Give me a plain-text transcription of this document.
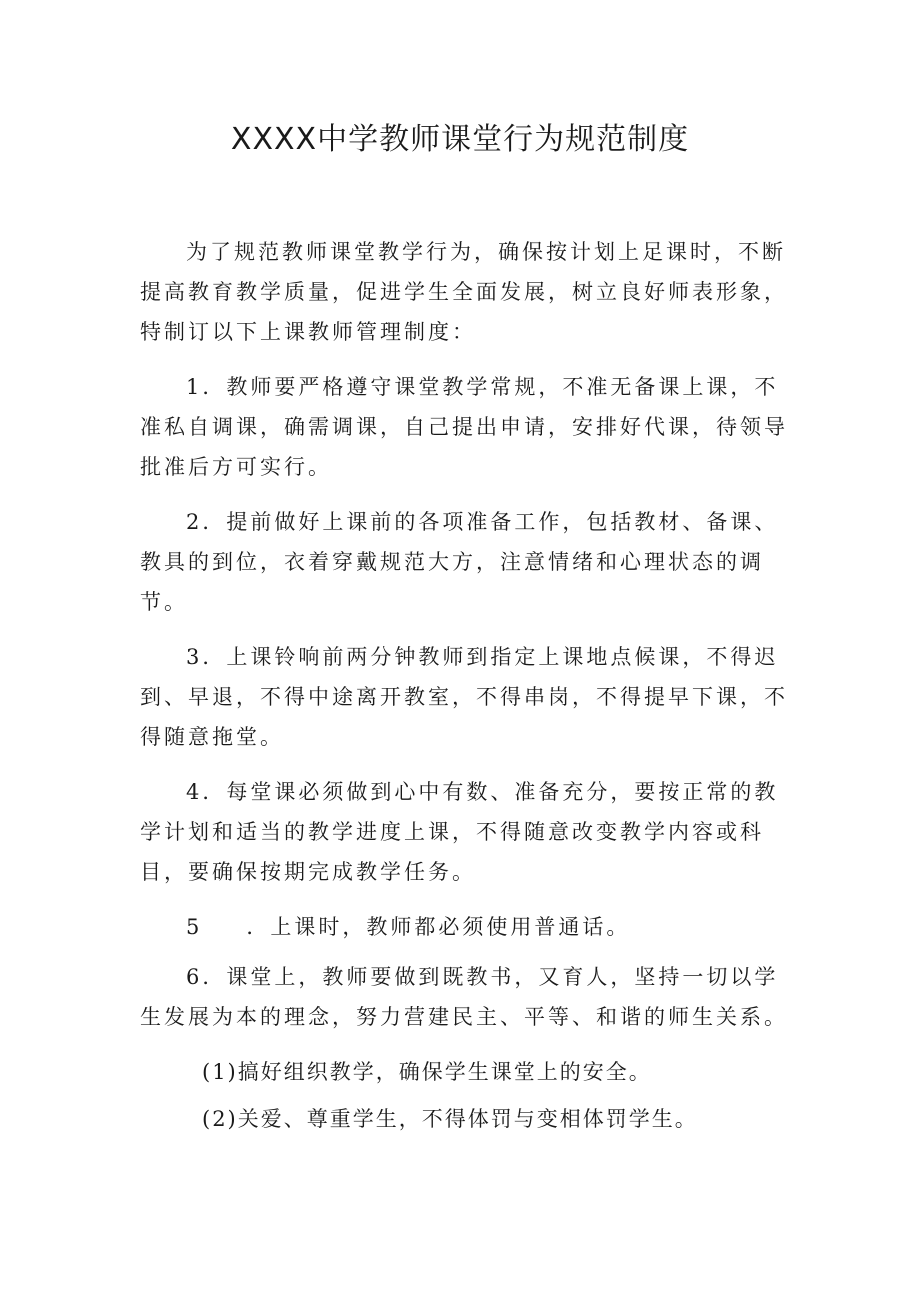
XXXX中学教师课堂行为规范制度

为了规范教师课堂教学行为，确保按计划上足课时，不断提高教育教学质量，促进学生全面发展，树立良好师表形象，特制订以下上课教师管理制度：

1．教师要严格遵守课堂教学常规，不准无备课上课，不准私自调课，确需调课，自己提出申请，安排好代课，待领导批准后方可实行。

2．提前做好上课前的各项准备工作，包括教材、备课、教具的到位，衣着穿戴规范大方，注意情绪和心理状态的调节。

3．上课铃响前两分钟教师到指定上课地点候课，不得迟到、早退，不得中途离开教室，不得串岗，不得提早下课，不得随意拖堂。

4．每堂课必须做到心中有数、准备充分，要按正常的教学计划和适当的教学进度上课，不得随意改变教学内容或科目，要确保按期完成教学任务。

5 ．上课时，教师都必须使用普通话。

6．课堂上，教师要做到既教书，又育人，坚持一切以学生发展为本的理念，努力营建民主、平等、和谐的师生关系。

(1)搞好组织教学，确保学生课堂上的安全。

(2)关爱、尊重学生，不得体罚与变相体罚学生。
